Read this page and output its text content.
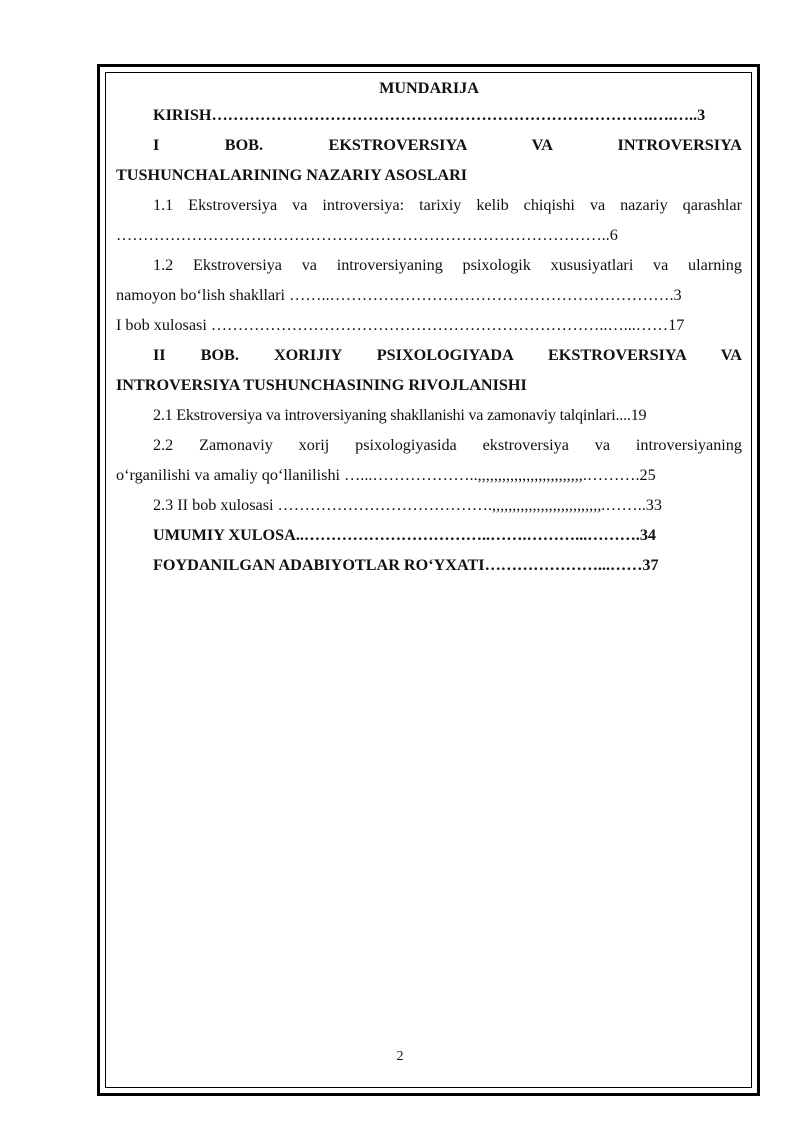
MUNDARIJA
KIRISH……………………………………………………………………….….…..3
I BOB. EKSTROVERSIYA VA INTROVERSIYA
TUSHUNCHALARINING NAZARIY ASOSLARI
1.1 Ekstroversiya va introversiya: tarixiy kelib chiqishi va nazariy qarashlar
………………………………………………………………………………..6
1.2 Ekstroversiya va introversiyaning psixologik xususiyatlari va ularning
namoyon bo‘lish shakllari ……..……………………………………………………….3
I bob xulosasi ………………………………………………………………..…...……17
II BOB. XORIJIY PSIXOLOGIYADA EKSTROVERSIYA VA
INTROVERSIYA TUSHUNCHASINING RIVOJLANISHI
2.1 Ekstroversiya va introversiyaning shakllanishi va zamonaviy talqinlari....19
2.2 Zamonaviy xorij psixologiyasida ekstroversiya va introversiyaning
o‘rganilishi va amaliy qo‘llanilishi …...………………..,,,,,,,,,,,,,,,,,,,,,,,,,,.……….25
2.3 II bob xulosasi ………………………………….,,,,,,,,,,,,,,,,,,,,,,,,,,,.……..33
UMUMIY XULOSA..……………………………..…….………...……….34
FOYDANILGAN ADABIYOTLAR RO‘YXATI…………………...……37
2
